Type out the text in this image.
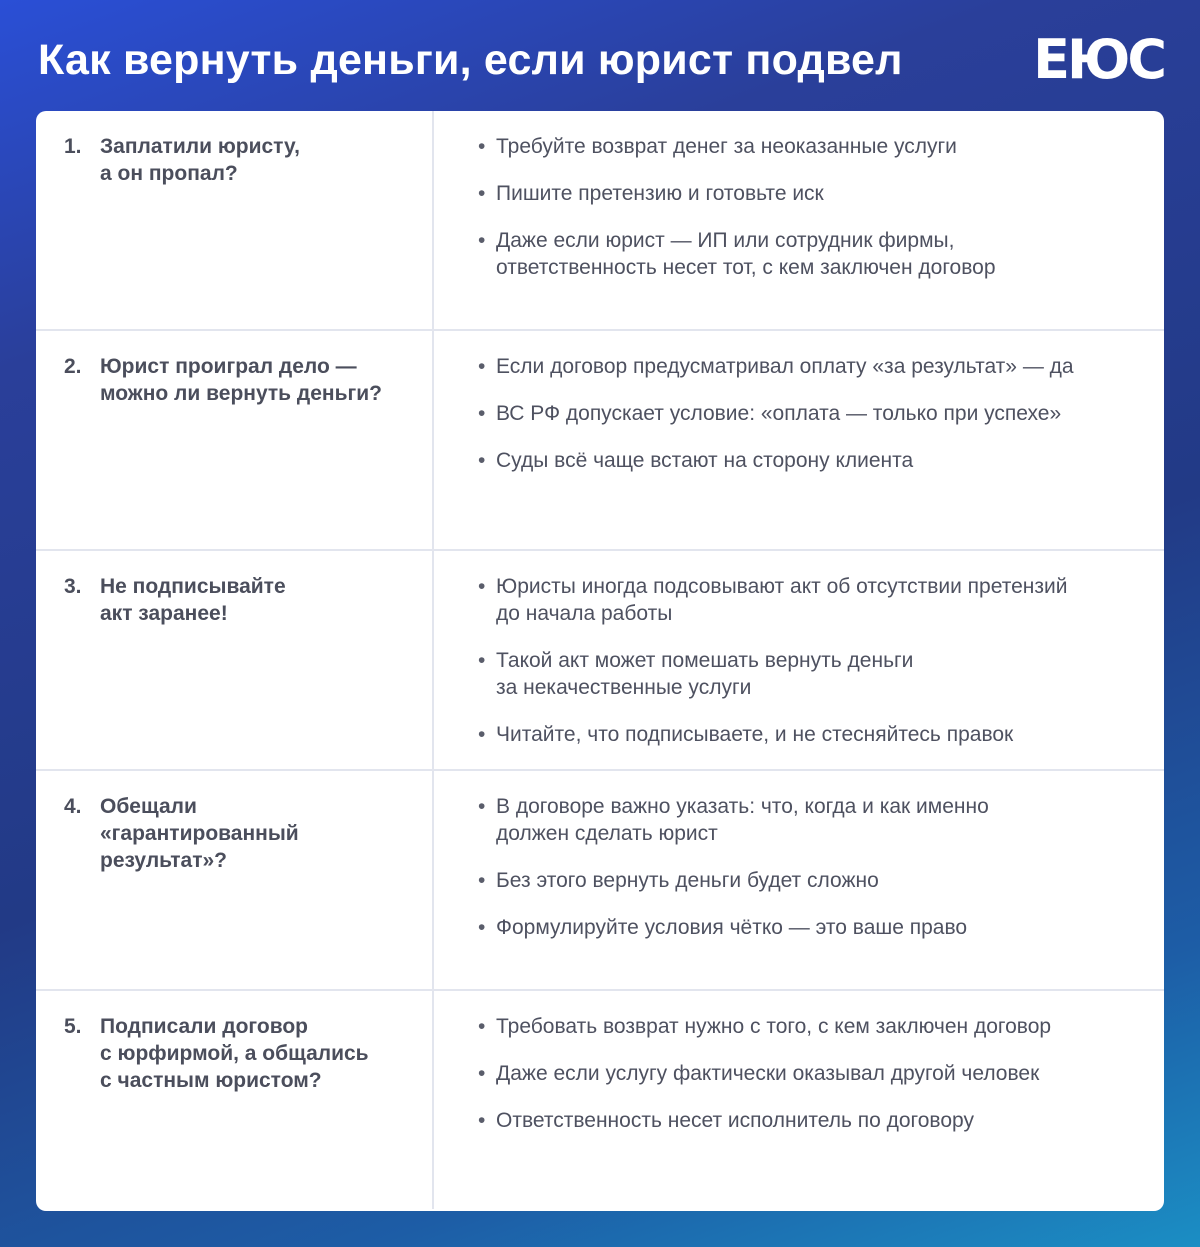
Как вернуть деньги, если юрист подвел ЕЮС
1. Заплатили юристу,
а он пропал?
• Требуйте возврат денег за неоказанные услуги
• Пишите претензию и готовьте иск
• Даже если юрист — ИП или сотрудник фирмы,
ответственность несет тот, с кем заключен договор
2. Юрист проиграл дело —
можно ли вернуть деньги?
• Если договор предусматривал оплату «за результат» — да
• ВС РФ допускает условие: «оплата — только при успехе»
• Суды всё чаще встают на сторону клиента
3. Не подписывайте
акт заранее!
• Юристы иногда подсовывают акт об отсутствии претензий
до начала работы
• Такой акт может помешать вернуть деньги
за некачественные услуги
• Читайте, что подписываете, и не стесняйтесь правок
4. Обещали
«гарантированный
результат»?
• В договоре важно указать: что, когда и как именно
должен сделать юрист
• Без этого вернуть деньги будет сложно
• Формулируйте условия чётко — это ваше право
5. Подписали договор
с юрфирмой, а общались
с частным юристом?
• Требовать возврат нужно с того, с кем заключен договор
• Даже если услугу фактически оказывал другой человек
• Ответственность несет исполнитель по договору
